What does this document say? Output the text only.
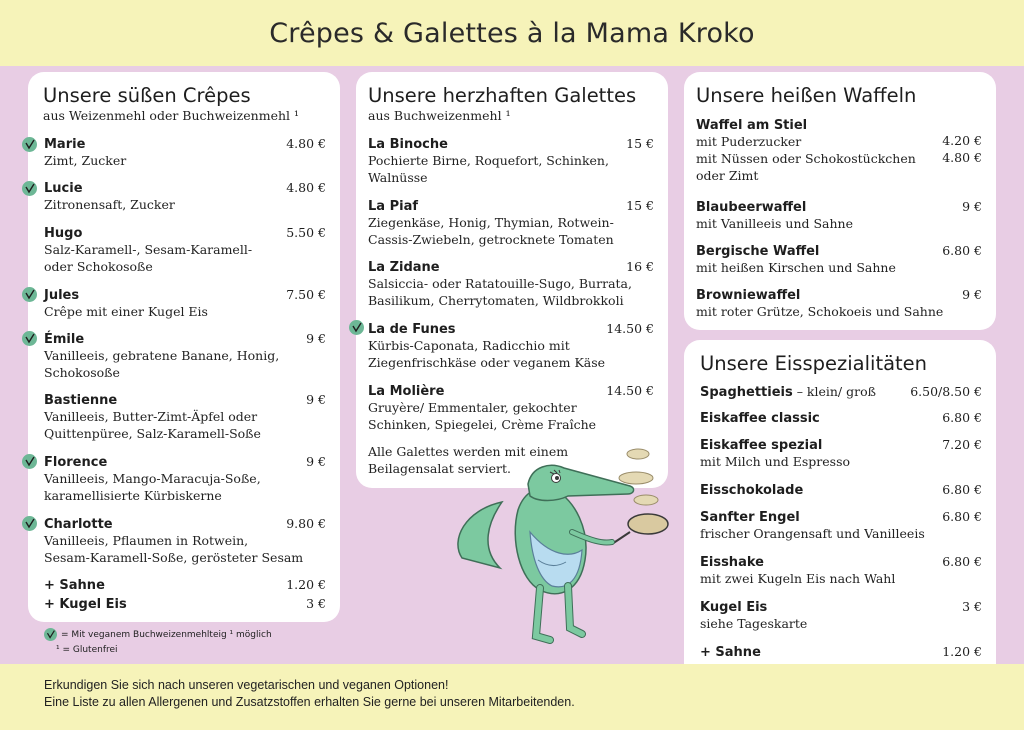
Crêpes & Galettes à la Mama Kroko
Unsere süßen Crêpes
aus Weizenmehl oder Buchweizenmehl ¹
Marie	4.80 €
Zimt, Zucker
Lucie	4.80 €
Zitronensaft, Zucker
Hugo	5.50 €
Salz-Karamell-, Sesam-Karamell-
oder Schokosoße
Jules	7.50 €
Crêpe mit einer Kugel Eis
Émile	9 €
Vanilleeis, gebratene Banane, Honig,
Schokosoße
Bastienne	9 €
Vanilleeis, Butter-Zimt-Äpfel oder
Quittenpüree, Salz-Karamell-Soße
Florence	9 €
Vanilleeis, Mango-Maracuja-Soße,
karamellisierte Kürbiskerne
Charlotte	9.80 €
Vanilleeis, Pflaumen in Rotwein,
Sesam-Karamell-Soße, gerösteter Sesam
+ Sahne	1.20 €
+ Kugel Eis	3 €
= Mit veganem Buchweizenmehlteig ¹ möglich
¹ = Glutenfrei
Unsere herzhaften Galettes
aus Buchweizenmehl ¹
La Binoche	15 €
Pochierte Birne, Roquefort, Schinken,
Walnüsse
La Piaf	15 €
Ziegenkäse, Honig, Thymian, Rotwein-
Cassis-Zwiebeln, getrocknete Tomaten
La Zidane	16 €
Salsiccia- oder Ratatouille-Sugo, Burrata,
Basilikum, Cherrytomaten, Wildbrokkoli
La de Funes	14.50 €
Kürbis-Caponata, Radicchio mit
Ziegenfrischkäse oder veganem Käse
La Molière	14.50 €
Gruyère/ Emmentaler, gekochter
Schinken, Spiegelei, Crème Fraîche
Alle Galettes werden mit einem
Beilagensalat serviert.
Unsere heißen Waffeln
Waffel am Stiel
mit Puderzucker	4.20 €
mit Nüssen oder Schokostückchen 4.80 €
oder Zimt
Blaubeerwaffel	9 €
mit Vanilleeis und Sahne
Bergische Waffel	6.80 €
mit heißen Kirschen und Sahne
Browniewaffel	9 €
mit roter Grütze, Schokoeis und Sahne
Unsere Eisspezialitäten
Spaghettieis – klein/ groß	6.50/8.50 €
Eiskaffee classic	6.80 €
Eiskaffee spezial	7.20 €
mit Milch und Espresso
Eisschokolade	6.80 €
Sanfter Engel	6.80 €
frischer Orangensaft und Vanilleeis
Eisshake	6.80 €
mit zwei Kugeln Eis nach Wahl
Kugel Eis	3 €
siehe Tageskarte
+ Sahne	1.20 €

Erkundigen Sie sich nach unseren vegetarischen und veganen Optionen!

Eine Liste zu allen Allergenen und Zusatzstoffen erhalten Sie gerne bei unseren Mitarbeitenden.
